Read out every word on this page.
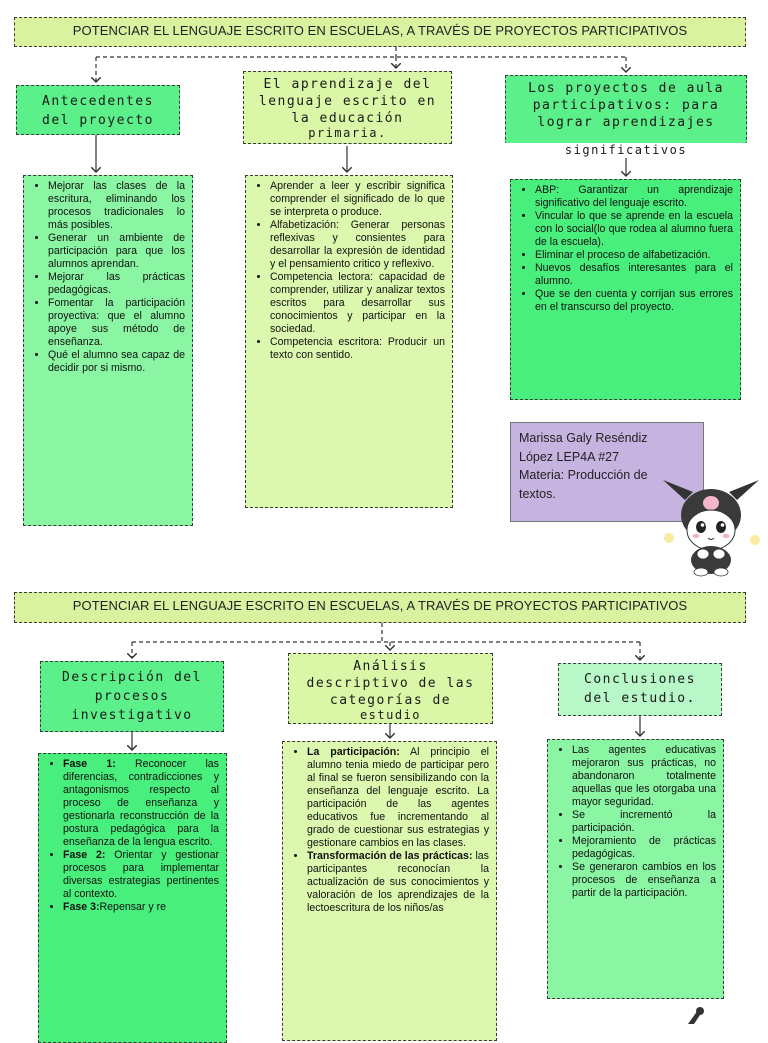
POTENCIAR EL LENGUAJE ESCRITO EN ESCUELAS, A TRAVÉS DE PROYECTOS PARTICIPATIVOS
Antecedentes
del proyecto
El aprendizaje del
lenguaje escrito en
la educación
primaria.
Los proyectos de aula
participativos: para
lograr aprendizajes
significativos
• Mejorar las clases de la escritura, eliminando los procesos tradicionales lo más posibles.
• Generar un ambiente de participación para que los alumnos aprendan.
• Mejorar las prácticas pedagógicas.
• Fomentar la participación proyectiva: que el alumno apoye sus método de enseñanza.
• Qué el alumno sea capaz de decidir por si mismo.
• Aprender a leer y escribir significa comprender el significado de lo que se interpreta o produce.
• Alfabetización: Generar personas reflexivas y consientes para desarrollar la expresión de identidad y el pensamiento critico y reflexivo.
• Competencia lectora: capacidad de comprender, utilizar y analizar textos escritos para desarrollar sus conocimientos y participar en la sociedad.
• Competencia escritora: Producir un texto con sentido.
• ABP: Garantizar un aprendizaje significativo del lenguaje escrito.
• Vincular lo que se aprende en la escuela con lo social(lo que rodea al alumno fuera de la escuela).
• Eliminar el proceso de alfabetización.
• Nuevos desafíos interesantes para el alumno.
• Que se den cuenta y corrijan sus errores en el transcurso del proyecto.
Marissa Galy Reséndiz
López LEP4A #27
Materia: Producción de
textos.
POTENCIAR EL LENGUAJE ESCRITO EN ESCUELAS, A TRAVÉS DE PROYECTOS PARTICIPATIVOS
Descripción del
procesos
investigativo
Análisis
descriptivo de las
categorías de
estudio
Conclusiones
del estudio.
• Fase 1: Reconocer las diferencias, contradicciones y antagonismos respecto al proceso de enseñanza y gestionarla reconstrucción de la postura pedagógica para la enseñanza de la lengua escrito.
• Fase 2: Orientar y gestionar procesos para implementar diversas estrategias pertinentes al contexto.
• Fase 3:Repensar y re
• La participación: Al principio el alumno tenia miedo de participar pero al final se fueron sensibilizando con la enseñanza del lenguaje escrito. La participación de las agentes educativos fue incrementando al grado de cuestionar sus estrategias y gestionare cambios en las clases.
• Transformación de las prácticas: las participantes reconocían la actualización de sus conocimientos y valoración de los aprendizajes de la lectoescritura de los niños/as
• Las agentes educativas mejoraron sus prácticas, no abandonaron totalmente aquellas que les otorgaba una mayor seguridad.
• Se incrementó la participación.
• Mejoramiento de prácticas pedagógicas.
• Se generaron cambios en los procesos de enseñanza a partir de la participación.
